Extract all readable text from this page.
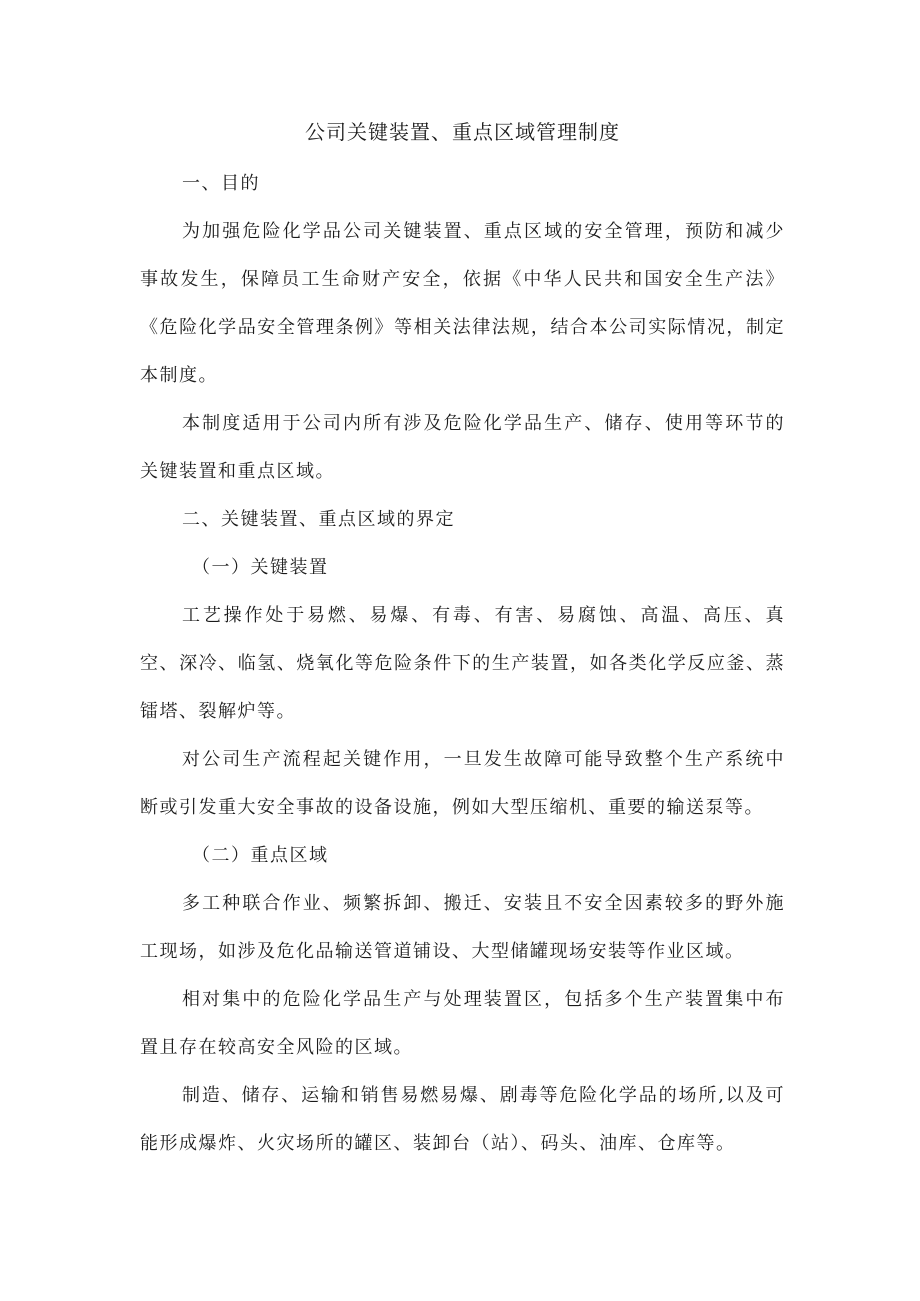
公司关键装置、重点区域管理制度

一、目的

为加强危险化学品公司关键装置、重点区域的安全管理，预防和减少事故发生，保障员工生命财产安全，依据《中华人民共和国安全生产法》《危险化学品安全管理条例》等相关法律法规，结合本公司实际情况，制定本制度。

本制度适用于公司内所有涉及危险化学品生产、储存、使用等环节的关键装置和重点区域。

二、关键装置、重点区域的界定

（一）关键装置

工艺操作处于易燃、易爆、有毒、有害、易腐蚀、高温、高压、真空、深冷、临氢、烧氧化等危险条件下的生产装置，如各类化学反应釜、蒸镭塔、裂解炉等。

对公司生产流程起关键作用，一旦发生故障可能导致整个生产系统中断或引发重大安全事故的设备设施，例如大型压缩机、重要的输送泵等。

（二）重点区域

多工种联合作业、频繁拆卸、搬迁、安装且不安全因素较多的野外施工现场，如涉及危化品输送管道铺设、大型储罐现场安装等作业区域。

相对集中的危险化学品生产与处理装置区，包括多个生产装置集中布置且存在较高安全风险的区域。

制造、储存、运输和销售易燃易爆、剧毒等危险化学品的场所,以及可能形成爆炸、火灾场所的罐区、装卸台（站）、码头、油库、仓库等。
